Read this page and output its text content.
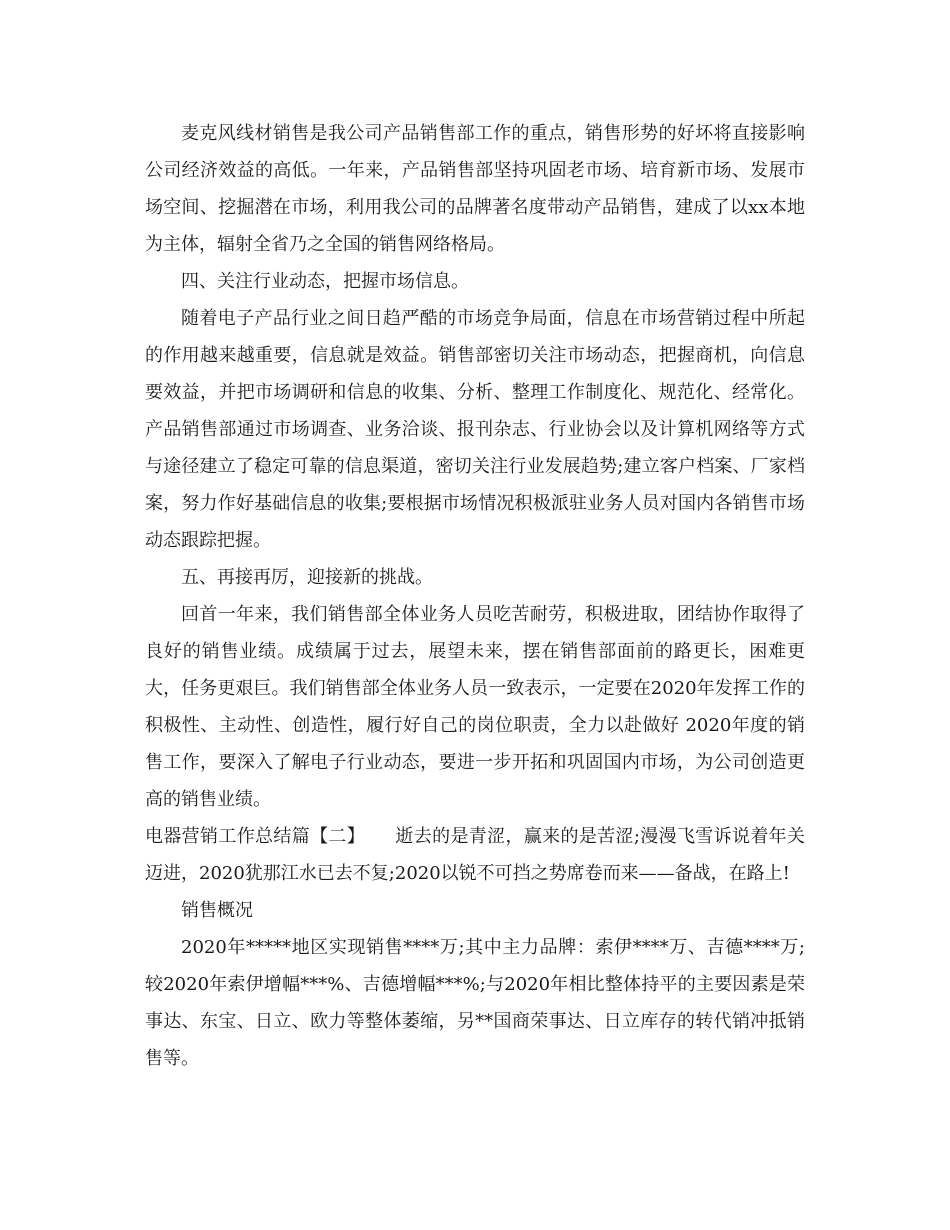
麦克风线材销售是我公司产品销售部工作的重点，销售形势的好坏将直接影响公司经济效益的高低。一年来，产品销售部坚持巩固老市场、培育新市场、发展市场空间、挖掘潜在市场，利用我公司的品牌著名度带动产品销售，建成了以xx本地为主体，辐射全省乃之全国的销售网络格局。

四、关注行业动态，把握市场信息。

随着电子产品行业之间日趋严酷的市场竞争局面，信息在市场营销过程中所起的作用越来越重要，信息就是效益。销售部密切关注市场动态，把握商机，向信息要效益，并把市场调研和信息的收集、分析、整理工作制度化、规范化、经常化。产品销售部通过市场调查、业务洽谈、报刊杂志、行业协会以及计算机网络等方式与途径建立了稳定可靠的信息渠道，密切关注行业发展趋势;建立客户档案、厂家档案，努力作好基础信息的收集;要根据市场情况积极派驻业务人员对国内各销售市场动态跟踪把握。

五、再接再厉，迎接新的挑战。

回首一年来，我们销售部全体业务人员吃苦耐劳，积极进取，团结协作取得了良好的销售业绩。成绩属于过去，展望未来，摆在销售部面前的路更长，困难更大，任务更艰巨。我们销售部全体业务人员一致表示，一定要在2020年发挥工作的积极性、主动性、创造性，履行好自己的岗位职责，全力以赴做好 2020年度的销售工作，要深入了解电子行业动态，要进一步开拓和巩固国内市场，为公司创造更高的销售业绩。

电器营销工作总结篇【二】 逝去的是青涩，赢来的是苦涩;漫漫飞雪诉说着年关迈进，2020犹那江水已去不复;2020以锐不可挡之势席卷而来——备战，在路上!

销售概况

2020年*****地区实现销售****万;其中主力品牌：索伊****万、吉德****万;较2020年索伊增幅***%、吉德增幅***%;与2020年相比整体持平的主要因素是荣事达、东宝、日立、欧力等整体萎缩，另**国商荣事达、日立库存的转代销冲抵销售等。
